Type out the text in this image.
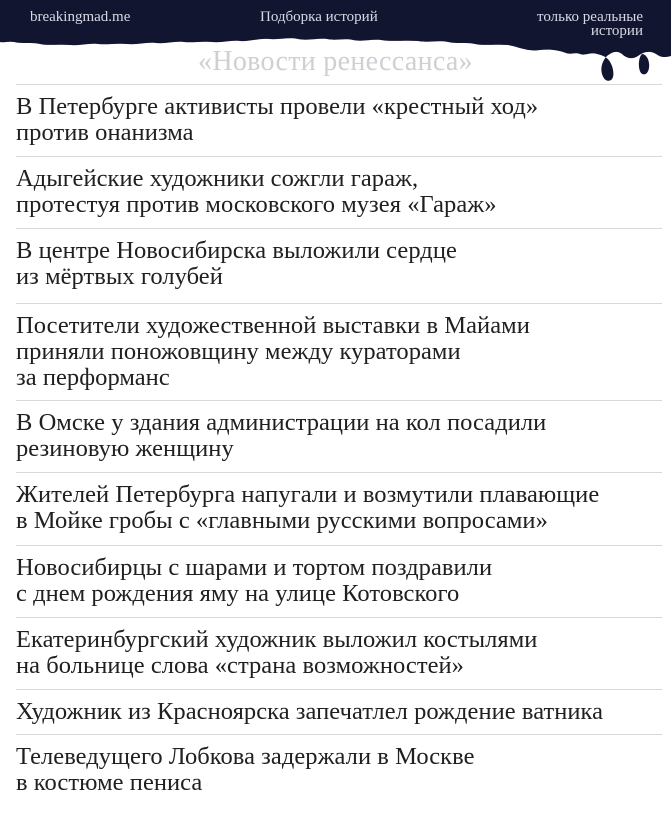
breakingmad.me	Подборка историй	только реальные истории
«Новости ренессанса»
В Петербурге активисты провели «крестный ход»
против онанизма
Адыгейские художники сожгли гараж,
протестуя против московского музея «Гараж»
В центре Новосибирска выложили сердце
из мёртвых голубей
Посетители художественной выставки в Майами
приняли поножовщину между кураторами
за перформанс
В Омске у здания администрации на кол посадили
резиновую женщину
Жителей Петербурга напугали и возмутили плавающие
в Мойке гробы с «главными русскими вопросами»
Новосибирцы с шарами и тортом поздравили
с днем рождения яму на улице Котовского
Екатеринбургский художник выложил костылями
на больнице слова «страна возможностей»
Художник из Красноярска запечатлел рождение ватника
Телеведущего Лобкова задержали в Москве
в костюме пениса
